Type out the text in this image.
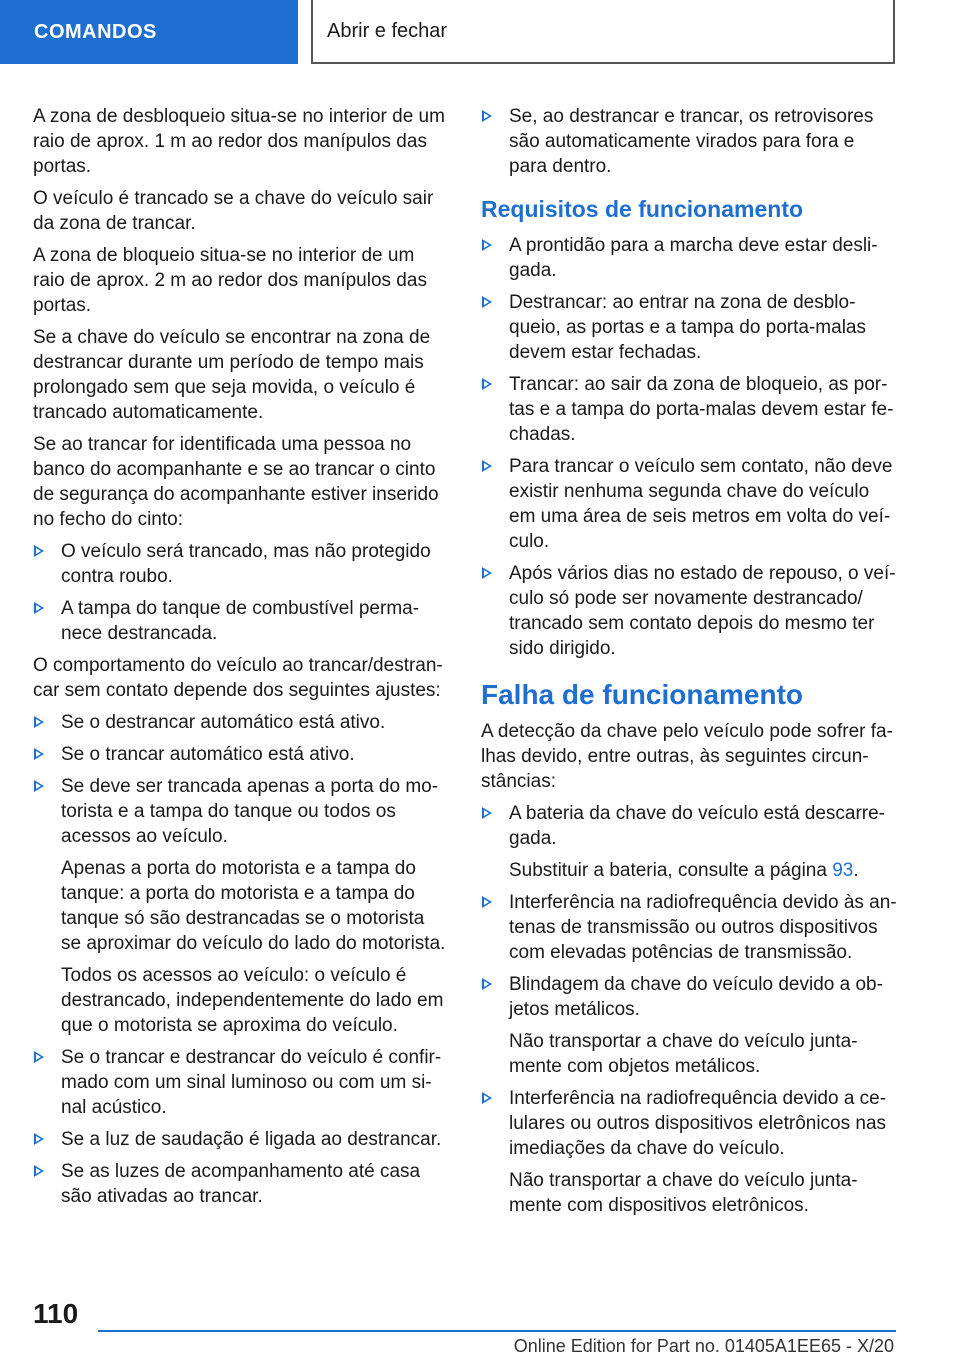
COMANDOS	Abrir e fechar

A zona de desbloqueio situa-se no interior de um raio de aprox. 1 m ao redor dos manípulos das portas.

O veículo é trancado se a chave do veículo sair da zona de trancar.

A zona de bloqueio situa-se no interior de um raio de aprox. 2 m ao redor dos manípulos das portas.

Se a chave do veículo se encontrar na zona de destrancar durante um período de tempo mais prolongado sem que seja movida, o veículo é trancado automaticamente.

Se ao trancar for identificada uma pessoa no banco do acompanhante e se ao trancar o cinto de segurança do acompanhante estiver inserido no fecho do cinto:

O veículo será trancado, mas não protegido contra roubo.
A tampa do tanque de combustível perma-nece destrancada.

O comportamento do veículo ao trancar/destran-car sem contato depende dos seguintes ajustes:

Se o destrancar automático está ativo.
Se o trancar automático está ativo.
Se deve ser trancada apenas a porta do mo-torista e a tampa do tanque ou todos os acessos ao veículo.
Apenas a porta do motorista e a tampa do tanque: a porta do motorista e a tampa do tanque só são destrancadas se o motorista se aproximar do veículo do lado do motorista.
Todos os acessos ao veículo: o veículo é destrancado, independentemente do lado em que o motorista se aproxima do veículo.
Se o trancar e destrancar do veículo é confir-mado com um sinal luminoso ou com um si-nal acústico.
Se a luz de saudação é ligada ao destrancar.
Se as luzes de acompanhamento até casa são ativadas ao trancar.
Se, ao destrancar e trancar, os retrovisores são automaticamente virados para fora e para dentro.
Requisitos de funcionamento
A prontidão para a marcha deve estar desli-gada.
Destrancar: ao entrar na zona de desblo-queio, as portas e a tampa do porta-malas devem estar fechadas.
Trancar: ao sair da zona de bloqueio, as por-tas e a tampa do porta-malas devem estar fe-chadas.
Para trancar o veículo sem contato, não deve existir nenhuma segunda chave do veículo em uma área de seis metros em volta do veí-culo.
Após vários dias no estado de repouso, o veí-culo só pode ser novamente destrancado/ trancado sem contato depois do mesmo ter sido dirigido.
Falha de funcionamento

A detecção da chave pelo veículo pode sofrer fa-lhas devido, entre outras, às seguintes circun-stâncias:

A bateria da chave do veículo está descarre-gada.
Substituir a bateria, consulte a página 93.
Interferência na radiofrequência devido às an-tenas de transmissão ou outros dispositivos com elevadas potências de transmissão.
Blindagem da chave do veículo devido a ob-jetos metálicos.
Não transportar a chave do veículo junta-mente com objetos metálicos.
Interferência na radiofrequência devido a ce-lulares ou outros dispositivos eletrônicos nas imediações da chave do veículo.
Não transportar a chave do veículo junta-mente com dispositivos eletrônicos.
110
Online Edition for Part no. 01405A1EE65 - X/20
